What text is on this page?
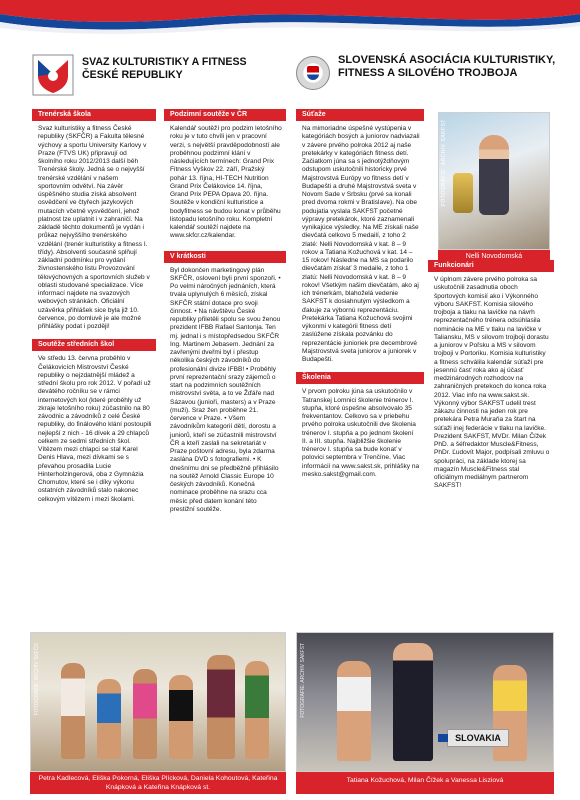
SVAZ KULTURISTIKY A FITNESS ČESKÉ REPUBLIKY
SLOVENSKÁ ASOCIÁCIA KULTURISTIKY, FITNESS A SILOVÉHO TROJBOJA
Trenérská škola
Svaz kulturistiky a fitness České republiky (SKFČR) a Fakulta tělesné výchovy a sportu University Karlovy v Praze (FTVS UK) připravují od školního roku 2012/2013 další běh Trenérské školy. Jedná se o nejvyšší trenérské vzdělání v našem sportovním odvětví. Na závěr úspěšného studia získá absolvent osvědčení ve čtyřech jazykových mutacích včetně vysvědčení, jehož platnost lze uplatnit i v zahraničí. Na základě těchto dokumentů je vydán i průkaz nejvyššího trenérského vzdělání (trenér kulturistiky a fitness I. třídy). Absolventi současně splňují základní podmínku pro vydání živnostenského listu Provozování tělovýchovných a sportovních služeb v oblasti studované specializace. Více informací najdete na svazových webových stránkách. Oficiální uzávěrka přihlášek sice byla již 10. července, po domluvě je ale možné přihlášky podat i později!
Soutěže středních škol
Ve středu 13. června proběhlo v Čelákovicích Mistrovství České republiky o nejzdatnější mládež a střední školu pro rok 2012. V pořadí už devátého ročníku se v rámci internetových kol (které proběhly už zkraje letošního roku) zúčastnilo na 80 závodnic a závodníků z celé České republiky, do finálového klání postoupili nejlepší z nich - 16 dívek a 29 chlapců celkem ze sedmi středních škol. Vítězem mezi chlapci se stal Karel Denis Hlava, mezi dívkami se s převahou prosadila Lucie Hinterholzingerová, oba z Gymnázia Chomutov, které se i díky výkonu ostatních závodníků stalo nakonec celkovým vítězem i mezi školami.
Podzimní soutěže v ČR
Kalendář soutěží pro podzim letošního roku je v tuto chvíli jen v pracovní verzi, s největší pravděpodobností ale proběhnou podzimní klání v následujících termínech: Grand Prix Fitness Vyškov 22. září, Pražský pohár 13. října, HI-TECH Nutrition Grand Prix Čelákovice 14. října, Grand Prix PEPA Opava 20. října. Soutěže v kondiční kulturistice a bodyfitness se budou konat v průběhu listopadu letošního roku. Kompletní kalendář soutěží najdete na www.skfcr.cz/kalendar.
V krátkosti
Byl dokončen marketingový plán SKFČR, oslovení byli první sponzoři. • Po velmi náročných jednáních, která trvala uplynulých 6 měsíců, získal SKFČR státní dotace pro svoji činnost. • Na návštěvu České republiky přiletěli spolu se svou ženou prezident IFBB Rafael Santonja. Ten mj. jednal i s místopředsedou SKFČR Ing. Martinem Jebasem. Jednání za zavřenými dveřmi byl i přestup několika českých závodníků do profesionální divize IFBB! • Proběhly první reprezentační srazy zájemců o start na podzimních soutěžních mistrovství světa, a to ve Žďáře nad Sázavou (junioři, masters) a v Praze (muži). Sraz žen proběhne 21. července v Praze. • Všem závodníkům kategorií dětí, dorostu a juniorů, kteří se zúčastnili mistrovství ČR a kteří zaslali na sekretariát v Praze poštovní adresu, byla zdarma zaslána DVD s fotografiemi. • K dnešnímu dni se předběžně přihlásilo na soutěž Arnold Classic Europe 10 českých závodníků. Konečná nominace proběhne na srazu cca měsíc před datem konání této prestižní soutěže.
Súťaže
Na mimoriadne úspešné vystúpenia v kategóriách bosých a juniorov nadviazali v závere prvého polroka 2012 aj naše pretekárky v kategóriách fitness detí. Začiatkom júna sa s jednotýždňovým odstupom uskutočnili historicky prvé Majstrovstvá Európy vo fitness detí v Budapešti a druhé Majstrovstvá sveta v Novom Sade v Srbsku (prvé sa konali pred dvoma rokmi v Bratislave). Na obe podujatia vyslala SAKFST početné výpravy pretekárok, ktoré zaznamenali vynikajúce výsledky. Na ME získali naše dievčatá celkovo 5 medailí, z toho 2 zlaté: Nelli Novodomská v kat. 8 – 9 rokov a Tatiana Kožuchová v kat. 14 – 15 rokov! Následne na MS sa podarilo dievčatám získať 3 medaile, z toho 1 zlatú: Nelli Novodomská v kat. 8 – 9 rokov! Všetkým našim dievčatám, ako aj ich trénerkám, blahoželá vedenie SAKFST k dosiahnutým výsledkom a ďakuje za výbornú reprezentáciu. Pretekárka Tatiana Kožuchová svojimi výkonmi v kategórii fitness detí zaslúžene získala pozvánku do reprezentácie junioriek pre decembrové Majstrovstvá sveta juniorov a juniorek v Budapešti.
Školenia
V prvom polroku júna sa uskutočnilo v Tatranskej Lomnici školenie trénerov I. stupňa, ktoré úspešne absolvovalo 35 frekventantov. Celkovo sa v priebehu prvého polroka uskutočnili dve školenia trénerov I. stupňa a po jednom školení II. a III. stupňa. Najbližšie školenie trénerov I. stupňa sa bude konať v polovici septembra v Trenčíne. Viac informácií na www.sakst.sk, prihlášky na mesko.sakst@gmail.com.
FOTOGRAFIE: ARCHIV SAKFST
Nelli Novodomská
Funkcionári
V úplnom závere prvého polroka sa uskutočnili zasadnutia oboch športových komisií ako i Výkonného výboru SAKFST. Komisia silového trojboja a tlaku na lavičke na návrh reprezentačného trénera odsúhlasila nominácie na ME v tlaku na lavičke v Taliansku, MS v silovom trojboji dorastu a juniorov v Poľsku a MS v silovom trojboji v Portoriku. Komisia kulturistiky a fitness schválila kalendár súťaží pre jesennú časť roka ako aj účasť medzinárodných rozhodcov na zahraničných pretekoch do konca roka 2012. Viac info na www.sakst.sk. Výkonný výbor SAKFST udelil trest zákazu činnosti na jeden rok pre pretekára Petra Muraňa za štart na súťaži inej federácie v tlaku na lavičke. Prezident SAKFST, MVDr. Milan Čížek PhD. a šéfredaktor Muscle&Fitness, PhDr. Ľudovít Major, podpísali zmluvu o spolupráci, na základe ktorej sa magazín Muscle&Fitness stal oficiálnym mediálnym partnerom SAKFST!
FOTOGRAFIE: ARCHIV SKFČR
Petra Kadlecová, Eliška Pokorná, Eliška Plícková, Daniela Kohoutová, Kateřina Knápková a Kateřina Knápková st.
FOTOGRAFIE: ARCHIV SAKFST
SLOVAKIA
Tatiana Kožuchová, Milan Čížek a Vanessa Lisziová
